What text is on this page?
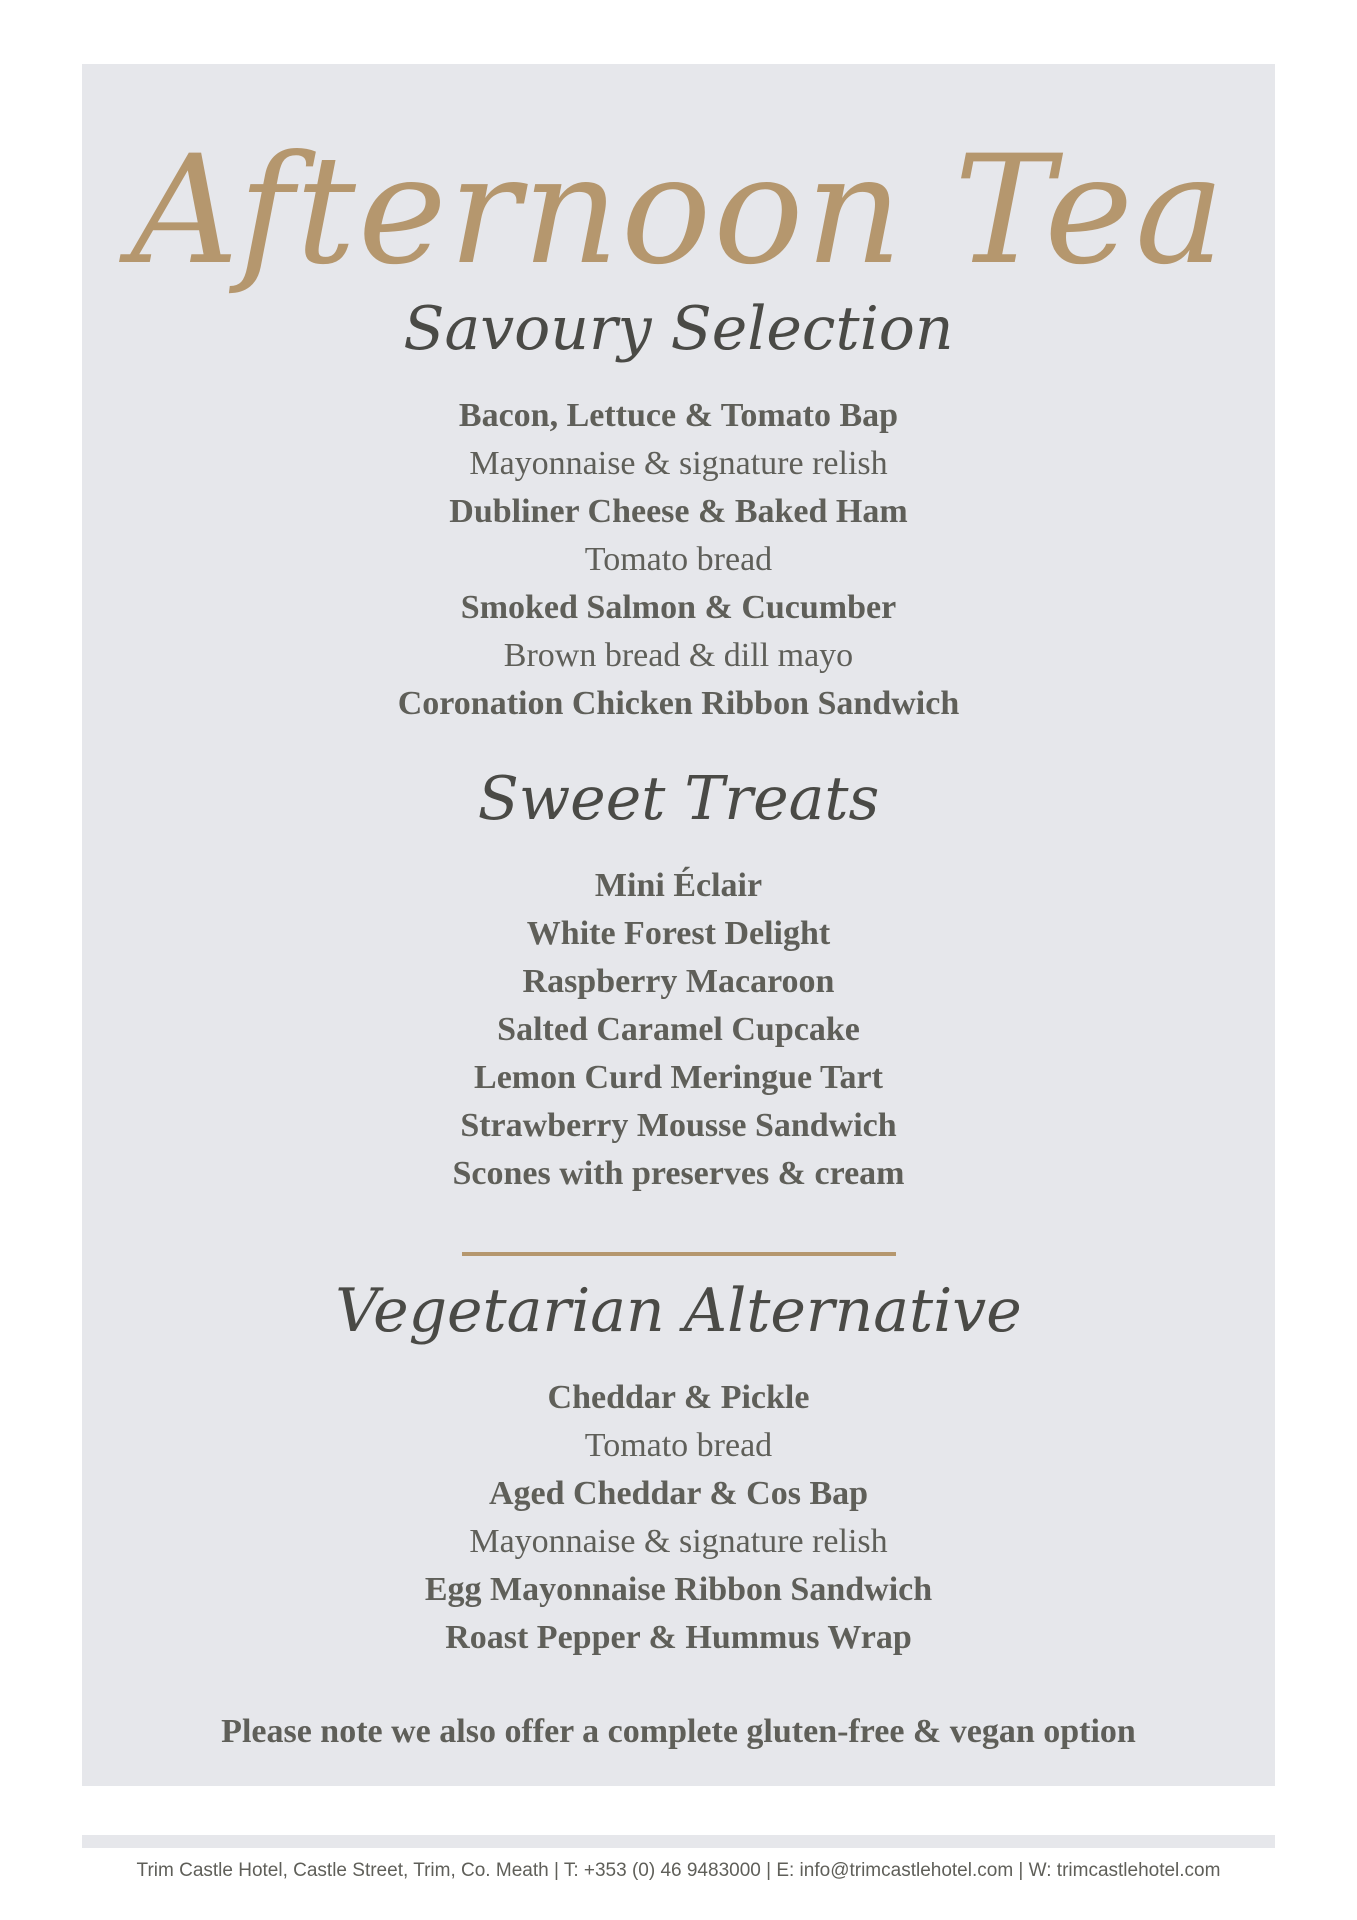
Afternoon Tea
Savoury Selection
Bacon, Lettuce & Tomato Bap
Mayonnaise & signature relish
Dubliner Cheese & Baked Ham
Tomato bread
Smoked Salmon & Cucumber
Brown bread & dill mayo
Coronation Chicken Ribbon Sandwich
Sweet Treats
Mini Éclair
White Forest Delight
Raspberry Macaroon
Salted Caramel Cupcake
Lemon Curd Meringue Tart
Strawberry Mousse Sandwich
Scones with preserves & cream
Vegetarian Alternative
Cheddar & Pickle
Tomato bread
Aged Cheddar & Cos Bap
Mayonnaise & signature relish
Egg Mayonnaise Ribbon Sandwich
Roast Pepper & Hummus Wrap
Please note we also offer a complete gluten-free & vegan option
Trim Castle Hotel, Castle Street, Trim, Co. Meath | T: +353 (0) 46 9483000 | E: info@trimcastlehotel.com | W: trimcastlehotel.com
